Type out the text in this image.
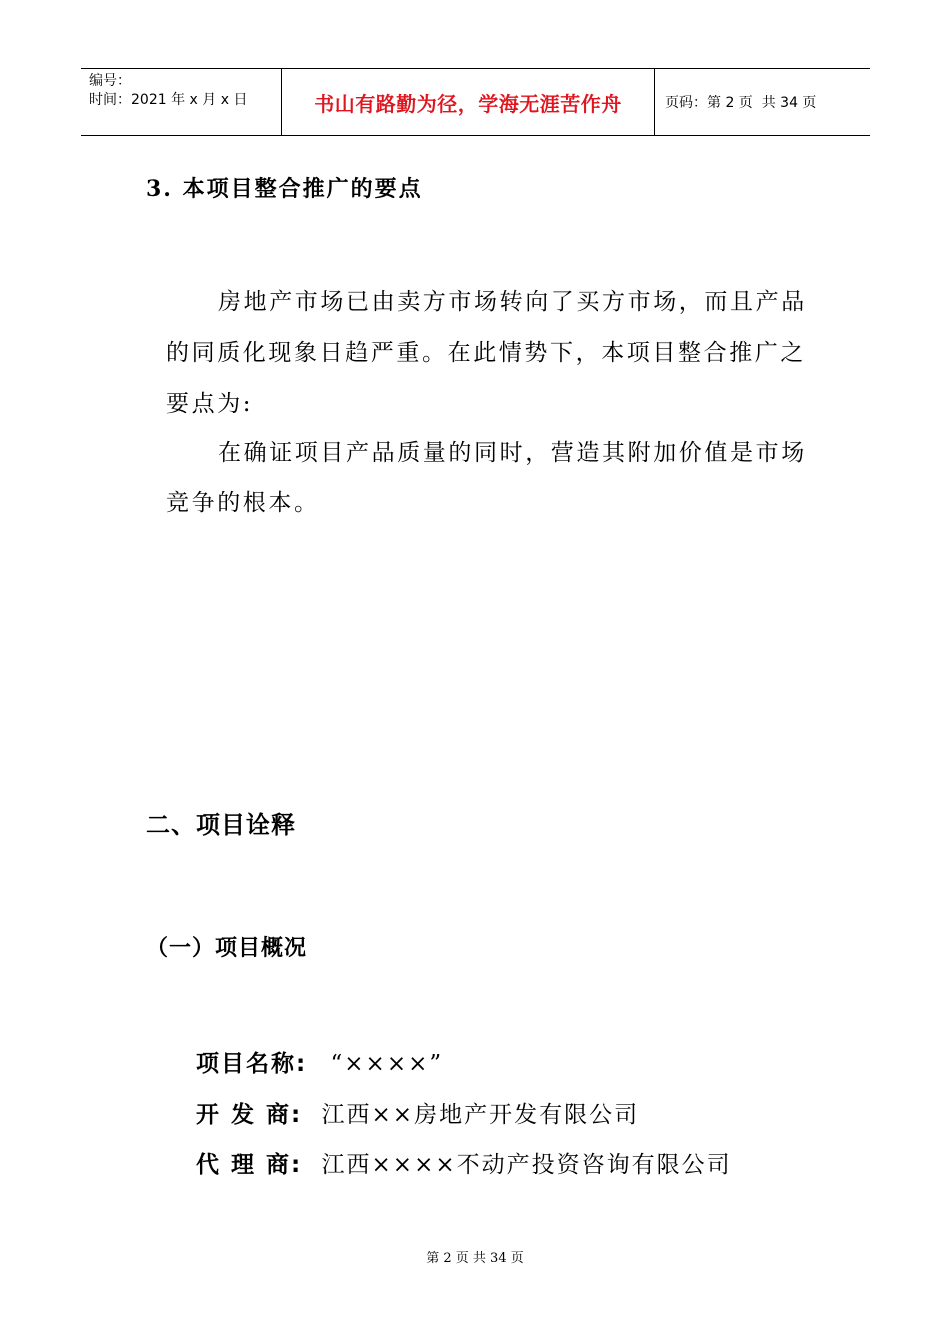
编号：
时间：2021 年 x 月 x 日	书山有路勤为径，学海无涯苦作舟	页码：第 2 页  共 34 页
3. 本项目整合推广的要点
房地产市场已由卖方市场转向了买方市场，而且产品
的同质化现象日趋严重。在此情势下，本项目整合推广之
要点为:
在确证项目产品质量的同时，营造其附加价值是市场
竞争的根本。
二、项目诠释
（一）项目概况
项目名称: “××××”
开 发 商: 江西××房地产开发有限公司
代 理 商: 江西××××不动产投资咨询有限公司
第 2 页 共 34 页
